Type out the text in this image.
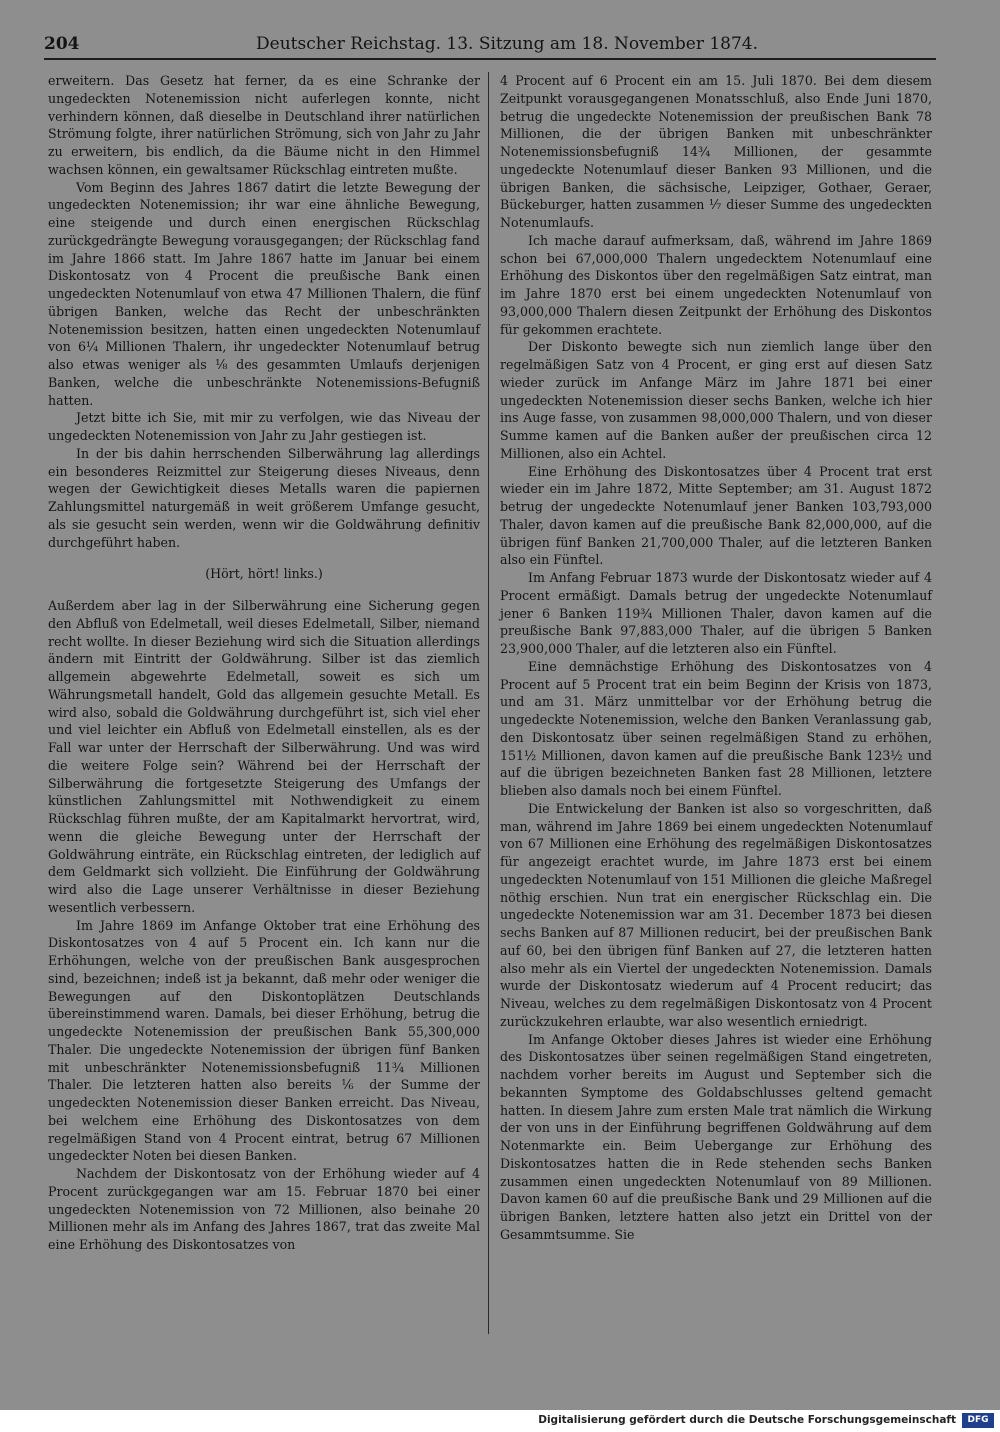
204	Deutscher Reichstag. 13. Sitzung am 18. November 1874.

erweitern. Das Gesetz hat ferner, da es eine Schranke der ungedeckten Notenemission nicht auferlegen konnte, nicht verhindern können, daß dieselbe in Deutschland ihrer natürlichen Strömung folgte, ihrer natürlichen Strömung, sich von Jahr zu Jahr zu erweitern, bis endlich, da die Bäume nicht in den Himmel wachsen können, ein gewaltsamer Rückschlag eintreten mußte.

Vom Beginn des Jahres 1867 datirt die letzte Bewegung der ungedeckten Notenemission; ihr war eine ähnliche Bewegung, eine steigende und durch einen energischen Rückschlag zurückgedrängte Bewegung vorausgegangen; der Rückschlag fand im Jahre 1866 statt. Im Jahre 1867 hatte im Januar bei einem Diskontosatz von 4 Procent die preußische Bank einen ungedeckten Notenumlauf von etwa 47 Millionen Thalern, die fünf übrigen Banken, welche das Recht der unbeschränkten Notenemission besitzen, hatten einen ungedeckten Notenumlauf von 6¼ Millionen Thalern, ihr ungedeckter Notenumlauf betrug also etwas weniger als ⅛ des gesammten Umlaufs derjenigen Banken, welche die unbeschränkte Notenemissions-Befugniß hatten.

Jetzt bitte ich Sie, mit mir zu verfolgen, wie das Niveau der ungedeckten Notenemission von Jahr zu Jahr gestiegen ist.

In der bis dahin herrschenden Silberwährung lag allerdings ein besonderes Reizmittel zur Steigerung dieses Niveaus, denn wegen der Gewichtigkeit dieses Metalls waren die papiernen Zahlungsmittel naturgemäß in weit größerem Umfange gesucht, als sie gesucht sein werden, wenn wir die Goldwährung definitiv durchgeführt haben.

(Hört, hört! links.)

Außerdem aber lag in der Silberwährung eine Sicherung gegen den Abfluß von Edelmetall, weil dieses Edelmetall, Silber, niemand recht wollte. In dieser Beziehung wird sich die Situation allerdings ändern mit Eintritt der Goldwährung. Silber ist das ziemlich allgemein abgewehrte Edelmetall, soweit es sich um Währungsmetall handelt, Gold das allgemein gesuchte Metall. Es wird also, sobald die Goldwährung durchgeführt ist, sich viel eher und viel leichter ein Abfluß von Edelmetall einstellen, als es der Fall war unter der Herrschaft der Silberwährung. Und was wird die weitere Folge sein? Während bei der Herrschaft der Silberwährung die fortgesetzte Steigerung des Umfangs der künstlichen Zahlungsmittel mit Nothwendigkeit zu einem Rückschlag führen mußte, der am Kapitalmarkt hervortrat, wird, wenn die gleiche Bewegung unter der Herrschaft der Goldwährung einträte, ein Rückschlag eintreten, der lediglich auf dem Geldmarkt sich vollzieht. Die Einführung der Goldwährung wird also die Lage unserer Verhältnisse in dieser Beziehung wesentlich verbessern.

Im Jahre 1869 im Anfange Oktober trat eine Erhöhung des Diskontosatzes von 4 auf 5 Procent ein. Ich kann nur die Erhöhungen, welche von der preußischen Bank ausgesprochen sind, bezeichnen; indeß ist ja bekannt, daß mehr oder weniger die Bewegungen auf den Diskontoplätzen Deutschlands übereinstimmend waren. Damals, bei dieser Erhöhung, betrug die ungedeckte Notenemission der preußischen Bank 55,300,000 Thaler. Die ungedeckte Notenemission der übrigen fünf Banken mit unbeschränkter Notenemissionsbefugniß 11¾ Millionen Thaler. Die letzteren hatten also bereits ⅙ der Summe der ungedeckten Notenemission dieser Banken erreicht. Das Niveau, bei welchem eine Erhöhung des Diskontosatzes von dem regelmäßigen Stand von 4 Procent eintrat, betrug 67 Millionen ungedeckter Noten bei diesen Banken.

Nachdem der Diskontosatz von der Erhöhung wieder auf 4 Procent zurückgegangen war am 15. Februar 1870 bei einer ungedeckten Notenemission von 72 Millionen, also beinahe 20 Millionen mehr als im Anfang des Jahres 1867, trat das zweite Mal eine Erhöhung des Diskontosatzes von

4 Procent auf 6 Procent ein am 15. Juli 1870. Bei dem diesem Zeitpunkt vorausgegangenen Monatsschluß, also Ende Juni 1870, betrug die ungedeckte Notenemission der preußischen Bank 78 Millionen, die der übrigen Banken mit unbeschränkter Notenemissionsbefugniß 14¾ Millionen, der gesammte ungedeckte Notenumlauf dieser Banken 93 Millionen, und die übrigen Banken, die sächsische, Leipziger, Gothaer, Geraer, Bückeburger, hatten zusammen ⅐ dieser Summe des ungedeckten Notenumlaufs.

Ich mache darauf aufmerksam, daß, während im Jahre 1869 schon bei 67,000,000 Thalern ungedecktem Notenumlauf eine Erhöhung des Diskontos über den regelmäßigen Satz eintrat, man im Jahre 1870 erst bei einem ungedeckten Notenumlauf von 93,000,000 Thalern diesen Zeitpunkt der Erhöhung des Diskontos für gekommen erachtete.

Der Diskonto bewegte sich nun ziemlich lange über den regelmäßigen Satz von 4 Procent, er ging erst auf diesen Satz wieder zurück im Anfange März im Jahre 1871 bei einer ungedeckten Notenemission dieser sechs Banken, welche ich hier ins Auge fasse, von zusammen 98,000,000 Thalern, und von dieser Summe kamen auf die Banken außer der preußischen circa 12 Millionen, also ein Achtel.

Eine Erhöhung des Diskontosatzes über 4 Procent trat erst wieder ein im Jahre 1872, Mitte September; am 31. August 1872 betrug der ungedeckte Notenumlauf jener Banken 103,793,000 Thaler, davon kamen auf die preußische Bank 82,000,000, auf die übrigen fünf Banken 21,700,000 Thaler, auf die letzteren Banken also ein Fünftel.

Im Anfang Februar 1873 wurde der Diskontosatz wieder auf 4 Procent ermäßigt. Damals betrug der ungedeckte Notenumlauf jener 6 Banken 119¾ Millionen Thaler, davon kamen auf die preußische Bank 97,883,000 Thaler, auf die übrigen 5 Banken 23,900,000 Thaler, auf die letzteren also ein Fünftel.

Eine demnächstige Erhöhung des Diskontosatzes von 4 Procent auf 5 Procent trat ein beim Beginn der Krisis von 1873, und am 31. März unmittelbar vor der Erhöhung betrug die ungedeckte Notenemission, welche den Banken Veranlassung gab, den Diskontosatz über seinen regelmäßigen Stand zu erhöhen, 151½ Millionen, davon kamen auf die preußische Bank 123½ und auf die übrigen bezeichneten Banken fast 28 Millionen, letztere blieben also damals noch bei einem Fünftel.

Die Entwickelung der Banken ist also so vorgeschritten, daß man, während im Jahre 1869 bei einem ungedeckten Notenumlauf von 67 Millionen eine Erhöhung des regelmäßigen Diskontosatzes für angezeigt erachtet wurde, im Jahre 1873 erst bei einem ungedeckten Notenumlauf von 151 Millionen die gleiche Maßregel nöthig erschien. Nun trat ein energischer Rückschlag ein. Die ungedeckte Notenemission war am 31. December 1873 bei diesen sechs Banken auf 87 Millionen reducirt, bei der preußischen Bank auf 60, bei den übrigen fünf Banken auf 27, die letzteren hatten also mehr als ein Viertel der ungedeckten Notenemission. Damals wurde der Diskontosatz wiederum auf 4 Procent reducirt; das Niveau, welches zu dem regelmäßigen Diskontosatz von 4 Procent zurückzukehren erlaubte, war also wesentlich erniedrigt.

Im Anfange Oktober dieses Jahres ist wieder eine Erhöhung des Diskontosatzes über seinen regelmäßigen Stand eingetreten, nachdem vorher bereits im August und September sich die bekannten Symptome des Goldabschlusses geltend gemacht hatten. In diesem Jahre zum ersten Male trat nämlich die Wirkung der von uns in der Einführung begriffenen Goldwährung auf dem Notenmarkte ein. Beim Uebergange zur Erhöhung des Diskontosatzes hatten die in Rede stehenden sechs Banken zusammen einen ungedeckten Notenumlauf von 89 Millionen. Davon kamen 60 auf die preußische Bank und 29 Millionen auf die übrigen Banken, letztere hatten also jetzt ein Drittel von der Gesammtsumme. Sie

Digitalisierung gefördert durch die Deutsche Forschungsgemeinschaft	DFG
